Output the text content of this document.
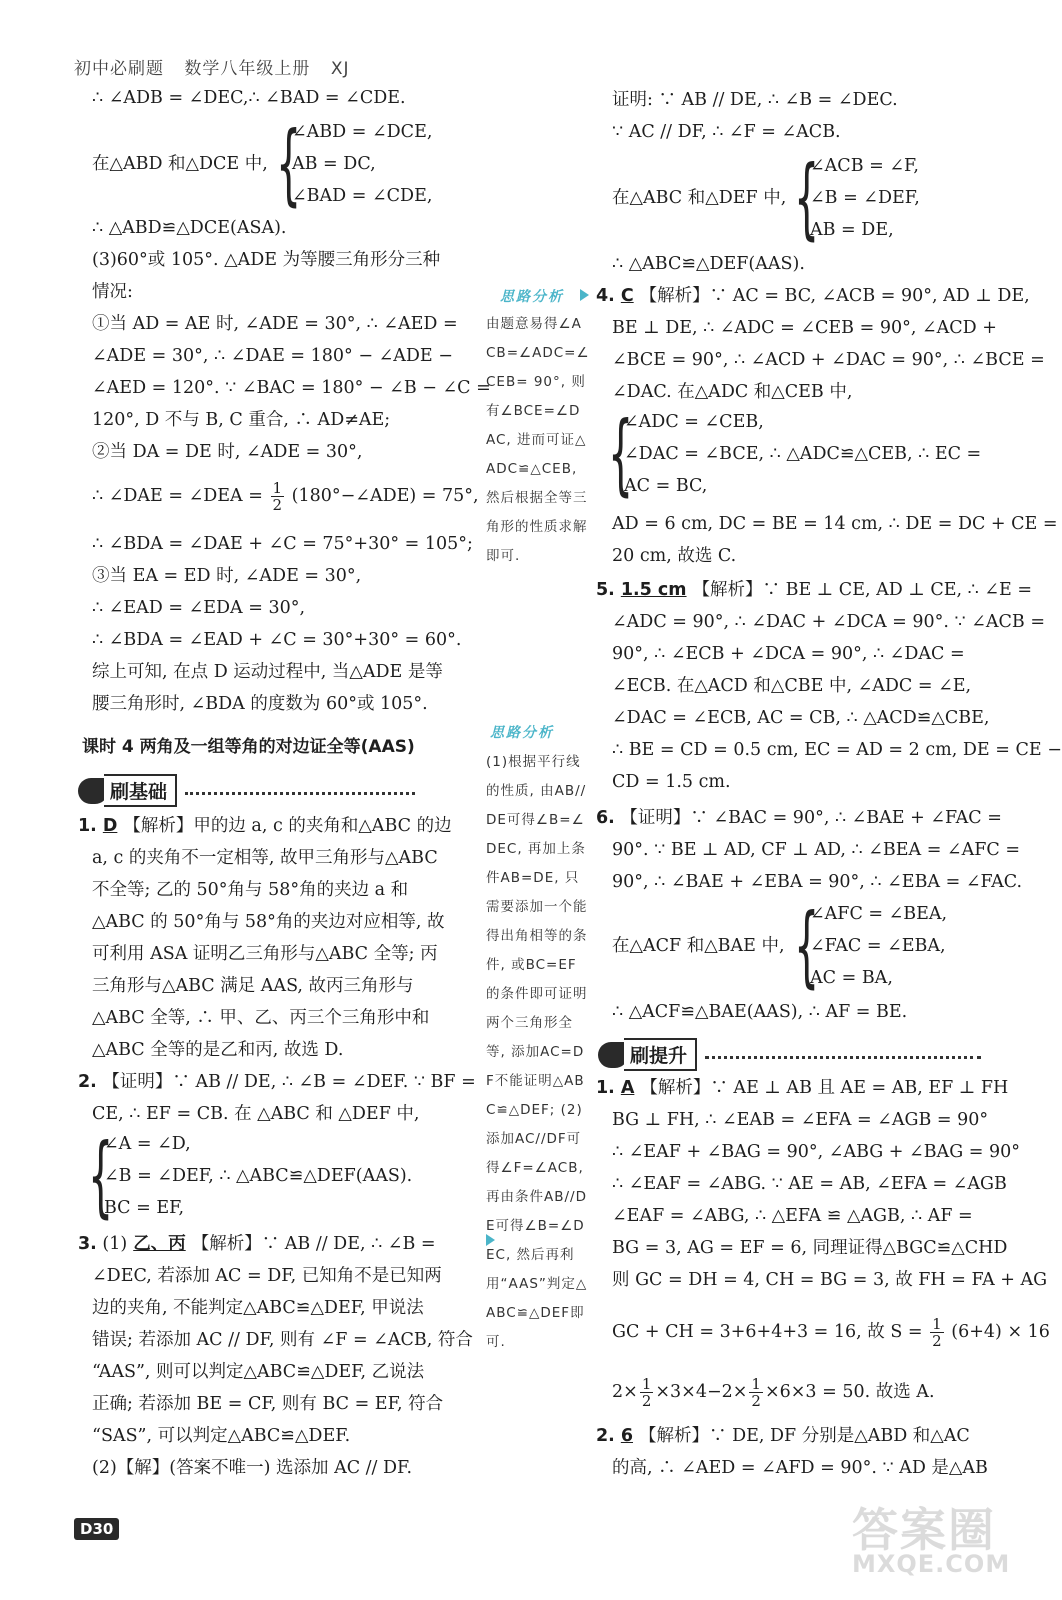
初中必刷题 数学八年级上册 XJ
∴ ∠ADB = ∠DEC,∴ ∠BAD = ∠CDE.
在△ABD 和△DCE 中, {
∠ABD = ∠DCE,
AB = DC,
∠BAD = ∠CDE,
∴ △ABD≌△DCE(ASA).
(3)60°或 105°. △ADE 为等腰三角形分三种
情况:
①当 AD = AE 时, ∠ADE = 30°, ∴ ∠AED =
∠ADE = 30°, ∴ ∠DAE = 180° − ∠ADE −
∠AED = 120°. ∵ ∠BAC = 180° − ∠B − ∠C =
120°, D 不与 B, C 重合, ∴ AD≠AE;
②当 DA = DE 时, ∠ADE = 30°,
∴ ∠DAE = ∠DEA = $\frac{1}{2}$ (180°−∠ADE) = 75°,
∴ ∠BDA = ∠DAE + ∠C = 75°+30° = 105°;
③当 EA = ED 时, ∠ADE = 30°,
∴ ∠EAD = ∠EDA = 30°,
∴ ∠BDA = ∠EAD + ∠C = 30°+30° = 60°.
综上可知, 在点 D 运动过程中, 当△ADE 是等
腰三角形时, ∠BDA 的度数为 60°或 105°.
课时 4 两角及一组等角的对边证全等(AAS)
刷基础
1. D 【解析】甲的边 a, c 的夹角和△ABC 的边
a, c 的夹角不一定相等, 故甲三角形与△ABC
不全等; 乙的 50°角与 58°角的夹边 a 和
△ABC 的 50°角与 58°角的夹边对应相等, 故
可利用 ASA 证明乙三角形与△ABC 全等; 丙
三角形与△ABC 满足 AAS, 故丙三角形与
△ABC 全等, ∴ 甲、乙、丙三个三角形中和
△ABC 全等的是乙和丙, 故选 D.
2. 【证明】∵ AB // DE, ∴ ∠B = ∠DEF. ∵ BF =
CE, ∴ EF = CB. 在 △ABC 和 △DEF 中,
{
∠A = ∠D,
∠B = ∠DEF, ∴ △ABC≌△DEF(AAS).
BC = EF,
3. (1) 乙、丙 【解析】∵ AB // DE, ∴ ∠B =
∠DEC, 若添加 AC = DF, 已知角不是已知两
边的夹角, 不能判定△ABC≌△DEF, 甲说法
错误; 若添加 AC // DF, 则有 ∠F = ∠ACB, 符合
“AAS”, 则可以判定△ABC≌△DEF, 乙说法
正确; 若添加 BE = CF, 则有 BC = EF, 符合
“SAS”, 可以判定△ABC≌△DEF.
(2)【解】(答案不唯一) 选添加 AC // DF.
思路分析
由题意易得∠ACB=∠ADC=∠CEB= 90°, 则有∠BCE=∠DAC, 进而可证△ADC≌△CEB, 然后根据全等三角形的性质求解即可.
思路分析
(1)根据平行线的性质, 由AB//DE可得∠B=∠DEC, 再加上条件AB=DE, 只需要添加一个能得出角相等的条件, 或BC=EF的条件即可证明两个三角形全等, 添加AC=DF不能证明△ABC≌△DEF; (2)添加AC//DF可得∠F=∠ACB, 再由条件AB//DE可得∠B=∠DEC, 然后再利用“AAS”判定△ABC≌△DEF即可.
证明: ∵ AB // DE, ∴ ∠B = ∠DEC.
∵ AC // DF, ∴ ∠F = ∠ACB.
在△ABC 和△DEF 中, {
∠ACB = ∠F,
∠B = ∠DEF,
AB = DE,
∴ △ABC≌△DEF(AAS).
4. C 【解析】∵ AC = BC, ∠ACB = 90°, AD ⊥ DE,
BE ⊥ DE, ∴ ∠ADC = ∠CEB = 90°, ∠ACD +
∠BCE = 90°, ∴ ∠ACD + ∠DAC = 90°, ∴ ∠BCE =
∠DAC. 在△ADC 和△CEB 中,
{
∠ADC = ∠CEB,
∠DAC = ∠BCE, ∴ △ADC≌△CEB, ∴ EC =
AC = BC,
AD = 6 cm, DC = BE = 14 cm, ∴ DE = DC + CE =
20 cm, 故选 C.
5. 1.5 cm 【解析】∵ BE ⊥ CE, AD ⊥ CE, ∴ ∠E =
∠ADC = 90°, ∴ ∠DAC + ∠DCA = 90°. ∵ ∠ACB =
90°, ∴ ∠ECB + ∠DCA = 90°, ∴ ∠DAC =
∠ECB. 在△ACD 和△CBE 中, ∠ADC = ∠E,
∠DAC = ∠ECB, AC = CB, ∴ △ACD≌△CBE,
∴ BE = CD = 0.5 cm, EC = AD = 2 cm, DE = CE −
CD = 1.5 cm.
6. 【证明】∵ ∠BAC = 90°, ∴ ∠BAE + ∠FAC =
90°. ∵ BE ⊥ AD, CF ⊥ AD, ∴ ∠BEA = ∠AFC =
90°, ∴ ∠BAE + ∠EBA = 90°, ∴ ∠EBA = ∠FAC.
在△ACF 和△BAE 中, {
∠AFC = ∠BEA,
∠FAC = ∠EBA,
AC = BA,
∴ △ACF≌△BAE(AAS), ∴ AF = BE.
刷提升
1. A 【解析】∵ AE ⊥ AB 且 AE = AB, EF ⊥ FH
BG ⊥ FH, ∴ ∠EAB = ∠EFA = ∠AGB = 90°
∴ ∠EAF + ∠BAG = 90°, ∠ABG + ∠BAG = 90°
∴ ∠EAF = ∠ABG. ∵ AE = AB, ∠EFA = ∠AGB
∠EAF = ∠ABG, ∴ △EFA ≌ △AGB, ∴ AF =
BG = 3, AG = EF = 6, 同理证得△BGC≌△CHD
则 GC = DH = 4, CH = BG = 3, 故 FH = FA + AG
GC + CH = 3+6+4+3 = 16, 故 $S = \frac{1}{2} (6+4) \times 16$
$2\times \frac{1}{2} \times 3\times 4-2\times \frac{1}{2} \times 6\times 3 = 50$. 故选 A.
2. 6 【解析】∵ DE, DF 分别是△ABD 和△AC
的高, ∴ ∠AED = ∠AFD = 90°. ∵ AD 是△AB
D30	答案圈
MXQE.COM
